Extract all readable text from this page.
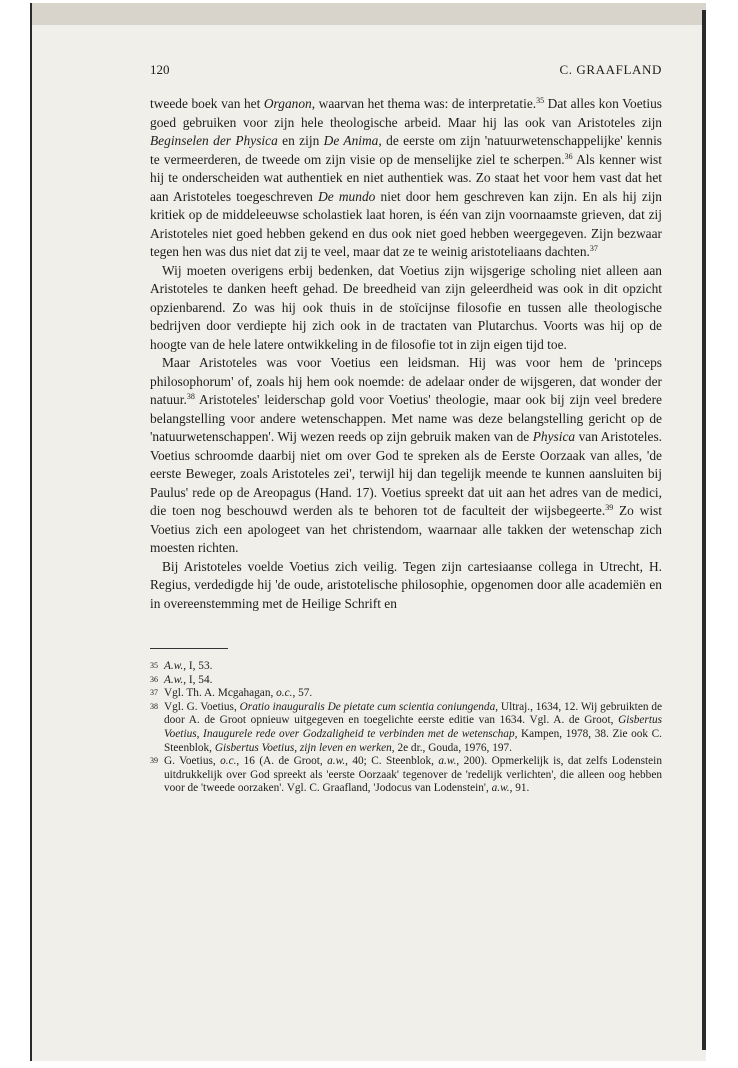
120	C. GRAAFLAND

tweede boek van het Organon, waarvan het thema was: de interpretatie.$^{35}$ Dat alles kon Voetius goed gebruiken voor zijn hele theologische arbeid. Maar hij las ook van Aristoteles zijn Beginselen der Physica en zijn De Anima, de eerste om zijn 'natuurwetenschappelijke' kennis te vermeerderen, de tweede om zijn visie op de menselijke ziel te scherpen.$^{36}$ Als kenner wist hij te onderscheiden wat authentiek en niet authentiek was. Zo staat het voor hem vast dat het aan Aristoteles toegeschreven De mundo niet door hem geschreven kan zijn. En als hij zijn kritiek op de middeleeuwse scholastiek laat horen, is één van zijn voornaamste grieven, dat zij Aristoteles niet goed hebben gekend en dus ook niet goed hebben weergegeven. Zijn bezwaar tegen hen was dus niet dat zij te veel, maar dat ze te weinig aristoteliaans dachten.$^{37}$

Wij moeten overigens erbij bedenken, dat Voetius zijn wijsgerige scholing niet alleen aan Aristoteles te danken heeft gehad. De breedheid van zijn geleerdheid was ook in dit opzicht opzienbarend. Zo was hij ook thuis in de stoïcijnse filosofie en tussen alle theologische bedrijven door verdiepte hij zich ook in de tractaten van Plutarchus. Voorts was hij op de hoogte van de hele latere ontwikkeling in de filosofie tot in zijn eigen tijd toe.

Maar Aristoteles was voor Voetius een leidsman. Hij was voor hem de 'princeps philosophorum' of, zoals hij hem ook noemde: de adelaar onder de wijsgeren, dat wonder der natuur.$^{38}$ Aristoteles' leiderschap gold voor Voetius' theologie, maar ook bij zijn veel bredere belangstelling voor andere wetenschappen. Met name was deze belangstelling gericht op de 'natuurwetenschappen'. Wij wezen reeds op zijn gebruik maken van de Physica van Aristoteles. Voetius schroomde daarbij niet om over God te spreken als de Eerste Oorzaak van alles, 'de eerste Beweger, zoals Aristoteles zei', terwijl hij dan tegelijk meende te kunnen aansluiten bij Paulus' rede op de Areopagus (Hand. 17). Voetius spreekt dat uit aan het adres van de medici, die toen nog beschouwd werden als te behoren tot de faculteit der wijsbegeerte.$^{39}$ Zo wist Voetius zich een apologeet van het christendom, waarnaar alle takken der wetenschap zich moesten richten.

Bij Aristoteles voelde Voetius zich veilig. Tegen zijn cartesiaanse collega in Utrecht, H. Regius, verdedigde hij 'de oude, aristotelische philosophie, opgenomen door alle academiën en in overeenstemming met de Heilige Schrift en

35 A.w., I, 53.
36 A.w., I, 54.
37 Vgl. Th. A. Mcgahagan, o.c., 57.
38 Vgl. G. Voetius, Oratio inauguralis De pietate cum scientia coniungenda, Ultraj., 1634, 12. Wij gebruikten de door A. de Groot opnieuw uitgegeven en toegelichte eerste editie van 1634. Vgl. A. de Groot, Gisbertus Voetius, Inaugurele rede over Godzaligheid te verbinden met de wetenschap, Kampen, 1978, 38. Zie ook C. Steenblok, Gisbertus Voetius, zijn leven en werken, 2e dr., Gouda, 1976, 197.
39 G. Voetius, o.c., 16 (A. de Groot, a.w., 40; C. Steenblok, a.w., 200). Opmerkelijk is, dat zelfs Lodenstein uitdrukkelijk over God spreekt als 'eerste Oorzaak' tegenover de 'redelijk verlichten', die alleen oog hebben voor de 'tweede oorzaken'. Vgl. C. Graafland, 'Jodocus van Lodenstein', a.w., 91.
